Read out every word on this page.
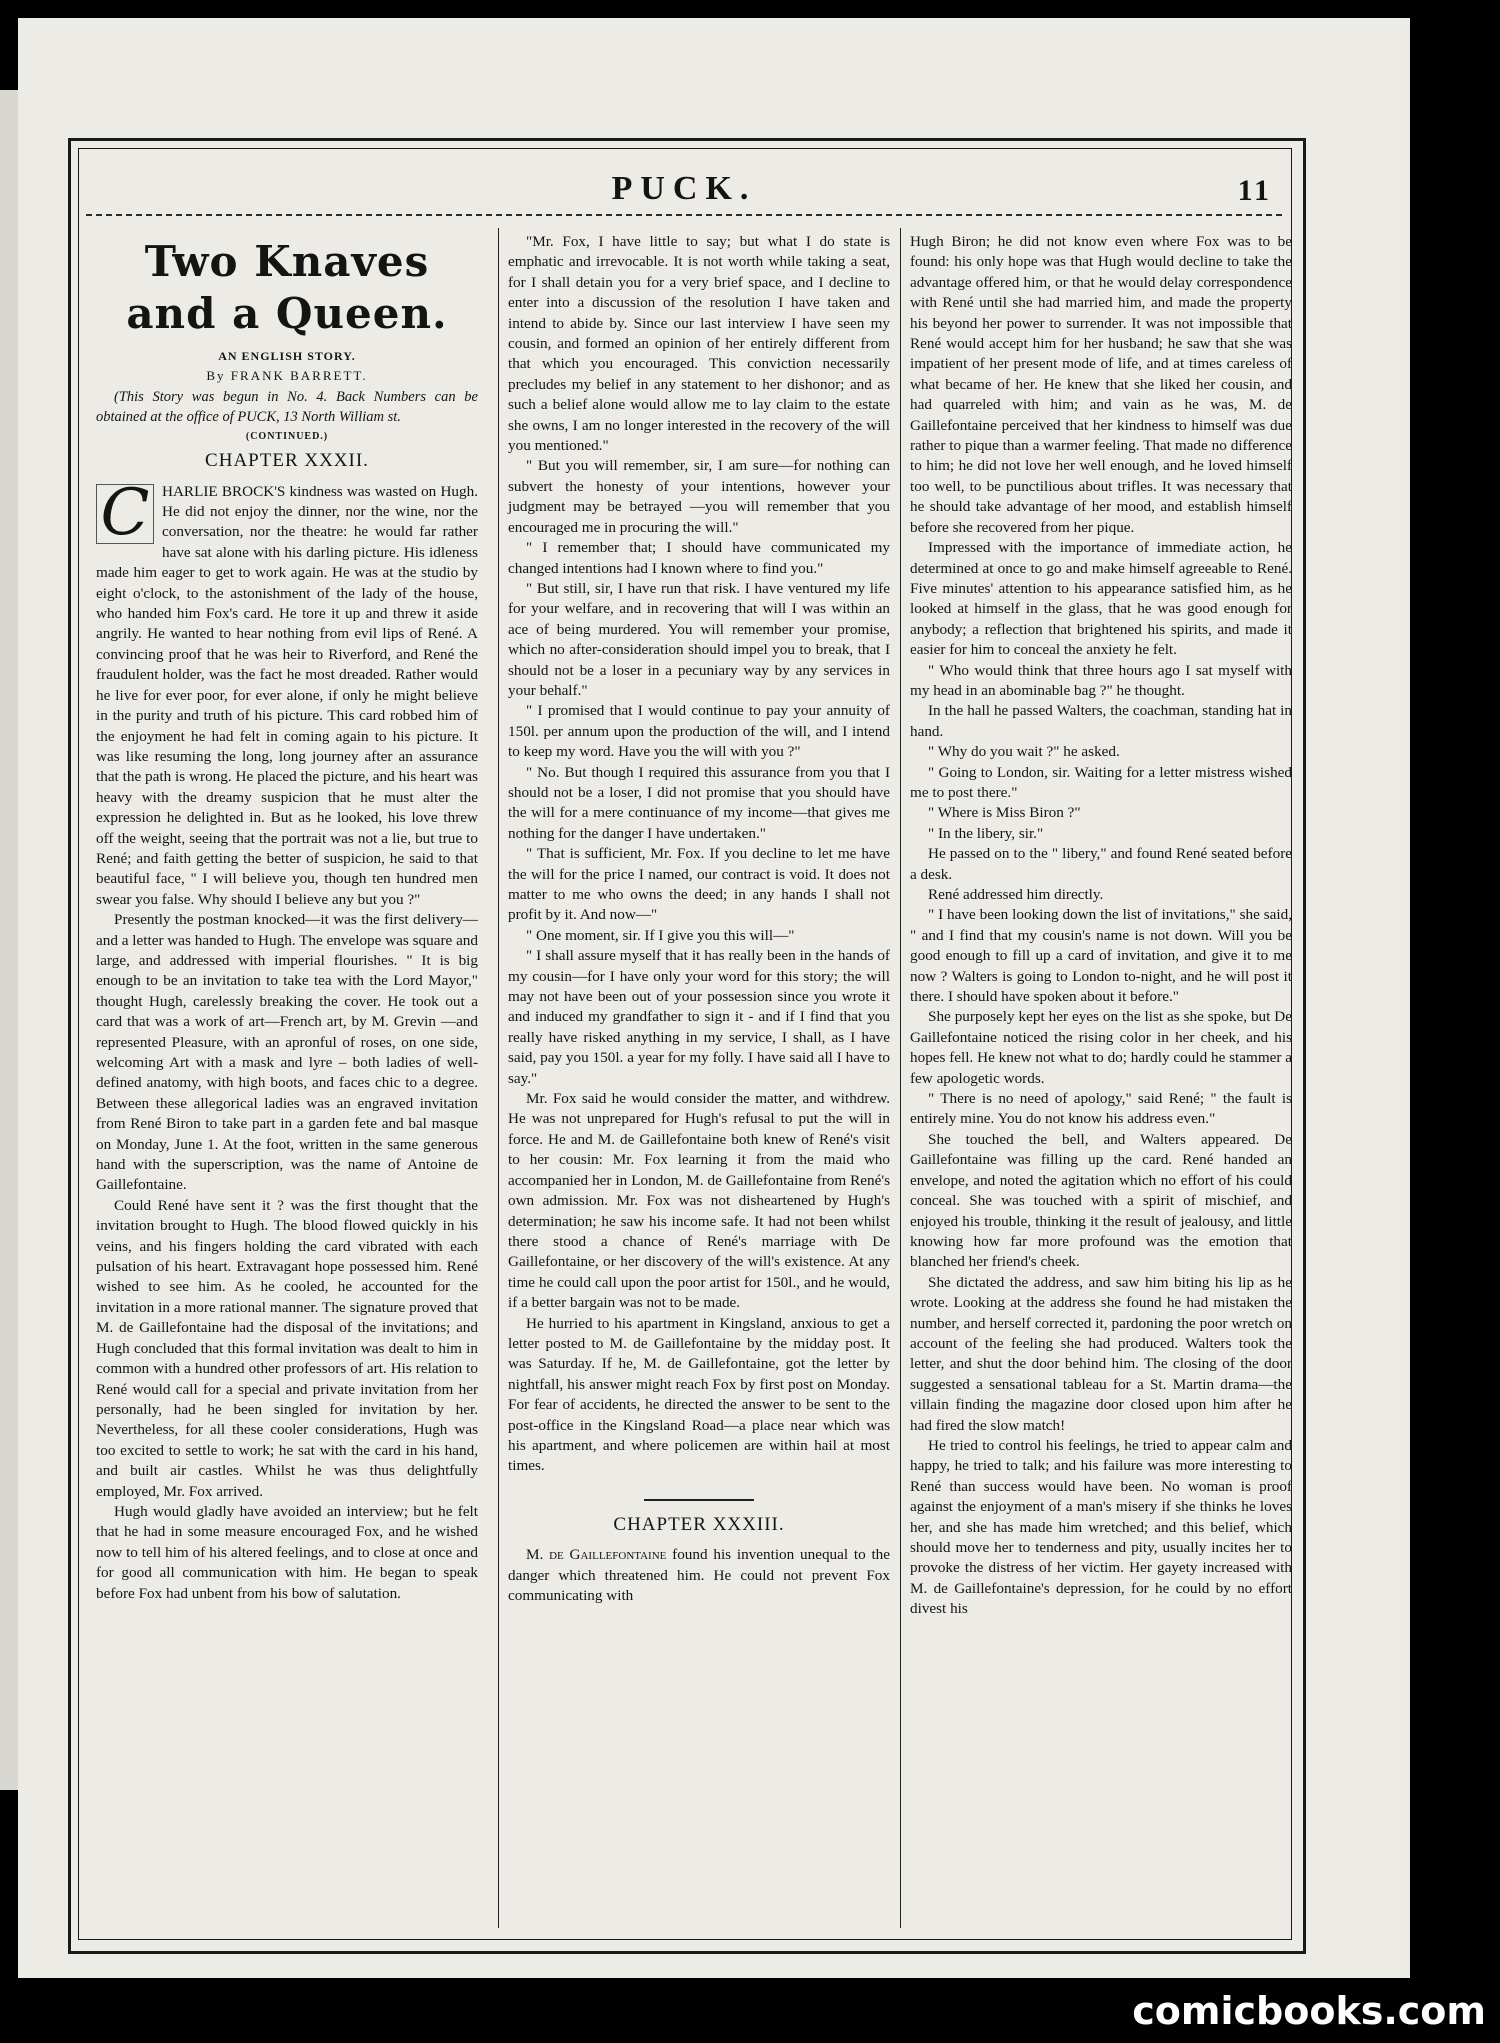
PUCK.	11
Two Knaves and a Queen.

AN ENGLISH STORY.

By FRANK BARRETT.

(This Story was begun in No. 4. Back Numbers can be obtained at the office of PUCK, 13 North William st.

(CONTINUED.)

CHAPTER XXXII.

C HARLIE BROCK'S kindness was wasted on Hugh. He did not enjoy the dinner, nor the wine, nor the conversation, nor the theatre: he would far rather have sat alone with his darling picture. His idleness made him eager to get to work again. He was at the studio by eight o'clock, to the astonishment of the lady of the house, who handed him Fox's card. He tore it up and threw it aside angrily. He wanted to hear nothing from evil lips of René. A convincing proof that he was heir to Riverford, and René the fraudulent holder, was the fact he most dreaded. Rather would he live for ever poor, for ever alone, if only he might believe in the purity and truth of his picture. This card robbed him of the enjoyment he had felt in coming again to his picture. It was like resuming the long, long journey after an assurance that the path is wrong. He placed the picture, and his heart was heavy with the dreamy suspicion that he must alter the expression he delighted in. But as he looked, his love threw off the weight, seeing that the portrait was not a lie, but true to René; and faith getting the better of suspicion, he said to that beautiful face, " I will believe you, though ten hundred men swear you false. Why should I believe any but you ?"

Presently the postman knocked—it was the first delivery—and a letter was handed to Hugh. The envelope was square and large, and addressed with imperial flourishes. " It is big enough to be an invitation to take tea with the Lord Mayor," thought Hugh, carelessly breaking the cover. He took out a card that was a work of art—French art, by M. Grevin —and represented Pleasure, with an apronful of roses, on one side, welcoming Art with a mask and lyre – both ladies of well-defined anatomy, with high boots, and faces chic to a degree. Between these allegorical ladies was an engraved invitation from René Biron to take part in a garden fete and bal masque on Monday, June 1. At the foot, written in the same generous hand with the superscription, was the name of Antoine de Gaillefontaine.

Could René have sent it ? was the first thought that the invitation brought to Hugh. The blood flowed quickly in his veins, and his fingers holding the card vibrated with each pulsation of his heart. Extravagant hope possessed him. René wished to see him. As he cooled, he accounted for the invitation in a more rational manner. The signature proved that M. de Gaillefontaine had the disposal of the invitations; and Hugh concluded that this formal invitation was dealt to him in common with a hundred other professors of art. His relation to René would call for a special and private invitation from her personally, had he been singled for invitation by her. Nevertheless, for all these cooler considerations, Hugh was too excited to settle to work; he sat with the card in his hand, and built air castles. Whilst he was thus delightfully employed, Mr. Fox arrived.

Hugh would gladly have avoided an interview; but he felt that he had in some measure encouraged Fox, and he wished now to tell him of his altered feelings, and to close at once and for good all communication with him. He began to speak before Fox had unbent from his bow of salutation.

"Mr. Fox, I have little to say; but what I do state is emphatic and irrevocable. It is not worth while taking a seat, for I shall detain you for a very brief space, and I decline to enter into a discussion of the resolution I have taken and intend to abide by. Since our last interview I have seen my cousin, and formed an opinion of her entirely different from that which you encouraged. This conviction necessarily precludes my belief in any statement to her dishonor; and as such a belief alone would allow me to lay claim to the estate she owns, I am no longer interested in the recovery of the will you mentioned."

" But you will remember, sir, I am sure—for nothing can subvert the honesty of your intentions, however your judgment may be betrayed —you will remember that you encouraged me in procuring the will."

" I remember that; I should have communicated my changed intentions had I known where to find you."

" But still, sir, I have run that risk. I have ventured my life for your welfare, and in recovering that will I was within an ace of being murdered. You will remember your promise, which no after-consideration should impel you to break, that I should not be a loser in a pecuniary way by any services in your behalf."

" I promised that I would continue to pay your annuity of 150l. per annum upon the production of the will, and I intend to keep my word. Have you the will with you ?"

" No. But though I required this assurance from you that I should not be a loser, I did not promise that you should have the will for a mere continuance of my income—that gives me nothing for the danger I have undertaken."

" That is sufficient, Mr. Fox. If you decline to let me have the will for the price I named, our contract is void. It does not matter to me who owns the deed; in any hands I shall not profit by it. And now—"

" One moment, sir. If I give you this will—"

" I shall assure myself that it has really been in the hands of my cousin—for I have only your word for this story; the will may not have been out of your possession since you wrote it and induced my grandfather to sign it - and if I find that you really have risked anything in my service, I shall, as I have said, pay you 150l. a year for my folly. I have said all I have to say."

Mr. Fox said he would consider the matter, and withdrew. He was not unprepared for Hugh's refusal to put the will in force. He and M. de Gaillefontaine both knew of René's visit to her cousin: Mr. Fox learning it from the maid who accompanied her in London, M. de Gaillefontaine from René's own admission. Mr. Fox was not disheartened by Hugh's determination; he saw his income safe. It had not been whilst there stood a chance of René's marriage with De Gaillefontaine, or her discovery of the will's existence. At any time he could call upon the poor artist for 150l., and he would, if a better bargain was not to be made.

He hurried to his apartment in Kingsland, anxious to get a letter posted to M. de Gaillefontaine by the midday post. It was Saturday. If he, M. de Gaillefontaine, got the letter by nightfall, his answer might reach Fox by first post on Monday. For fear of accidents, he directed the answer to be sent to the post-office in the Kingsland Road—a place near which was his apartment, and where policemen are within hail at most times.

CHAPTER XXXIII.

M. de Gaillefontaine found his invention unequal to the danger which threatened him. He could not prevent Fox communicating with

Hugh Biron; he did not know even where Fox was to be found: his only hope was that Hugh would decline to take the advantage offered him, or that he would delay correspondence with René until she had married him, and made the property his beyond her power to surrender. It was not impossible that René would accept him for her husband; he saw that she was impatient of her present mode of life, and at times careless of what became of her. He knew that she liked her cousin, and had quarreled with him; and vain as he was, M. de Gaillefontaine perceived that her kindness to himself was due rather to pique than a warmer feeling. That made no difference to him; he did not love her well enough, and he loved himself too well, to be punctilious about trifles. It was necessary that he should take advantage of her mood, and establish himself before she recovered from her pique.

Impressed with the importance of immediate action, he determined at once to go and make himself agreeable to René. Five minutes' attention to his appearance satisfied him, as he looked at himself in the glass, that he was good enough for anybody; a reflection that brightened his spirits, and made it easier for him to conceal the anxiety he felt.

" Who would think that three hours ago I sat myself with my head in an abominable bag ?" he thought.

In the hall he passed Walters, the coachman, standing hat in hand.

" Why do you wait ?" he asked.

" Going to London, sir. Waiting for a letter mistress wished me to post there."

" Where is Miss Biron ?"

" In the libery, sir."

He passed on to the " libery," and found René seated before a desk.

René addressed him directly.

" I have been looking down the list of invitations," she said, " and I find that my cousin's name is not down. Will you be good enough to fill up a card of invitation, and give it to me now ? Walters is going to London to-night, and he will post it there. I should have spoken about it before."

She purposely kept her eyes on the list as she spoke, but De Gaillefontaine noticed the rising color in her cheek, and his hopes fell. He knew not what to do; hardly could he stammer a few apologetic words.

" There is no need of apology," said René; " the fault is entirely mine. You do not know his address even."

She touched the bell, and Walters appeared. De Gaillefontaine was filling up the card. René handed an envelope, and noted the agitation which no effort of his could conceal. She was touched with a spirit of mischief, and enjoyed his trouble, thinking it the result of jealousy, and little knowing how far more profound was the emotion that blanched her friend's cheek.

She dictated the address, and saw him biting his lip as he wrote. Looking at the address she found he had mistaken the number, and herself corrected it, pardoning the poor wretch on account of the feeling she had produced. Walters took the letter, and shut the door behind him. The closing of the door suggested a sensational tableau for a St. Martin drama—the villain finding the magazine door closed upon him after he had fired the slow match!

He tried to control his feelings, he tried to appear calm and happy, he tried to talk; and his failure was more interesting to René than success would have been. No woman is proof against the enjoyment of a man's misery if she thinks he loves her, and she has made him wretched; and this belief, which should move her to tenderness and pity, usually incites her to provoke the distress of her victim. Her gayety increased with M. de Gaillefontaine's depression, for he could by no effort divest his

comicbooks.com
